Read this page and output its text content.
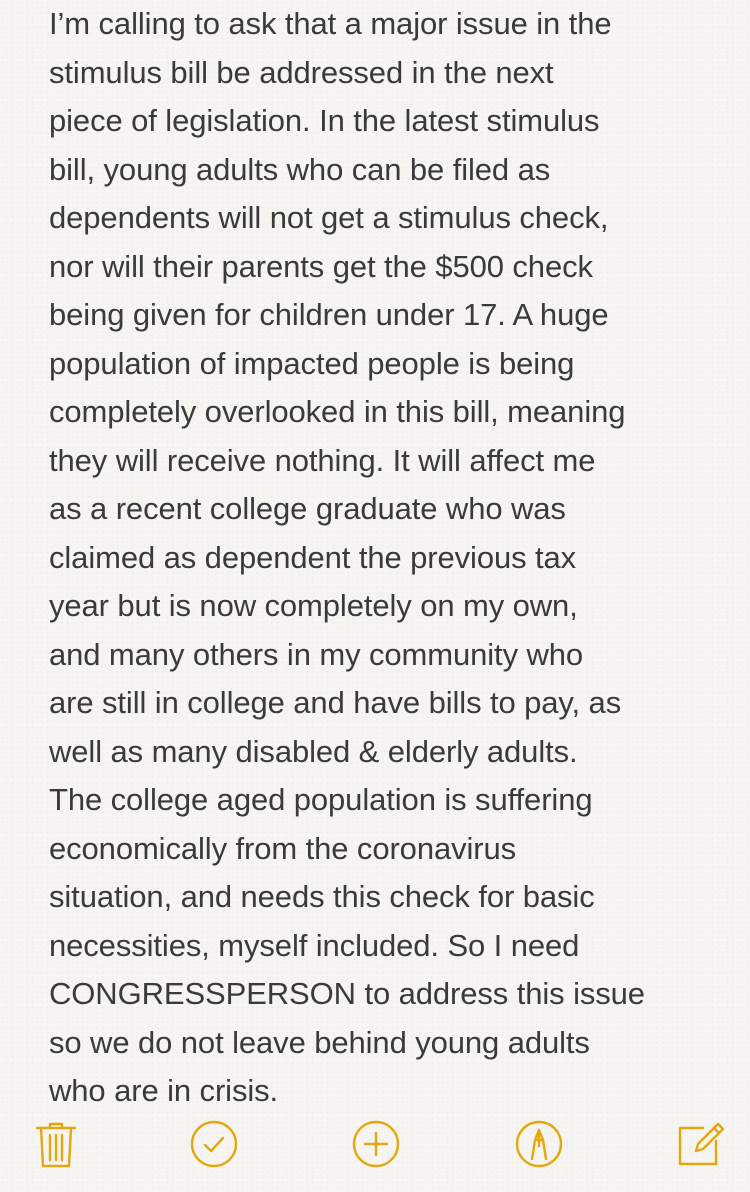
I’m calling to ask that a major issue in the
stimulus bill be addressed in the next
piece of legislation. In the latest stimulus
bill, young adults who can be filed as
dependents will not get a stimulus check,
nor will their parents get the $500 check
being given for children under 17. A huge
population of impacted people is being
completely overlooked in this bill, meaning
they will receive nothing. It will affect me
as a recent college graduate who was
claimed as dependent the previous tax
year but is now completely on my own,
and many others in my community who
are still in college and have bills to pay, as
well as many disabled & elderly adults.
The college aged population is suffering
economically from the coronavirus
situation, and needs this check for basic
necessities, myself included. So I need
CONGRESSPERSON to address this issue
so we do not leave behind young adults
who are in crisis.
